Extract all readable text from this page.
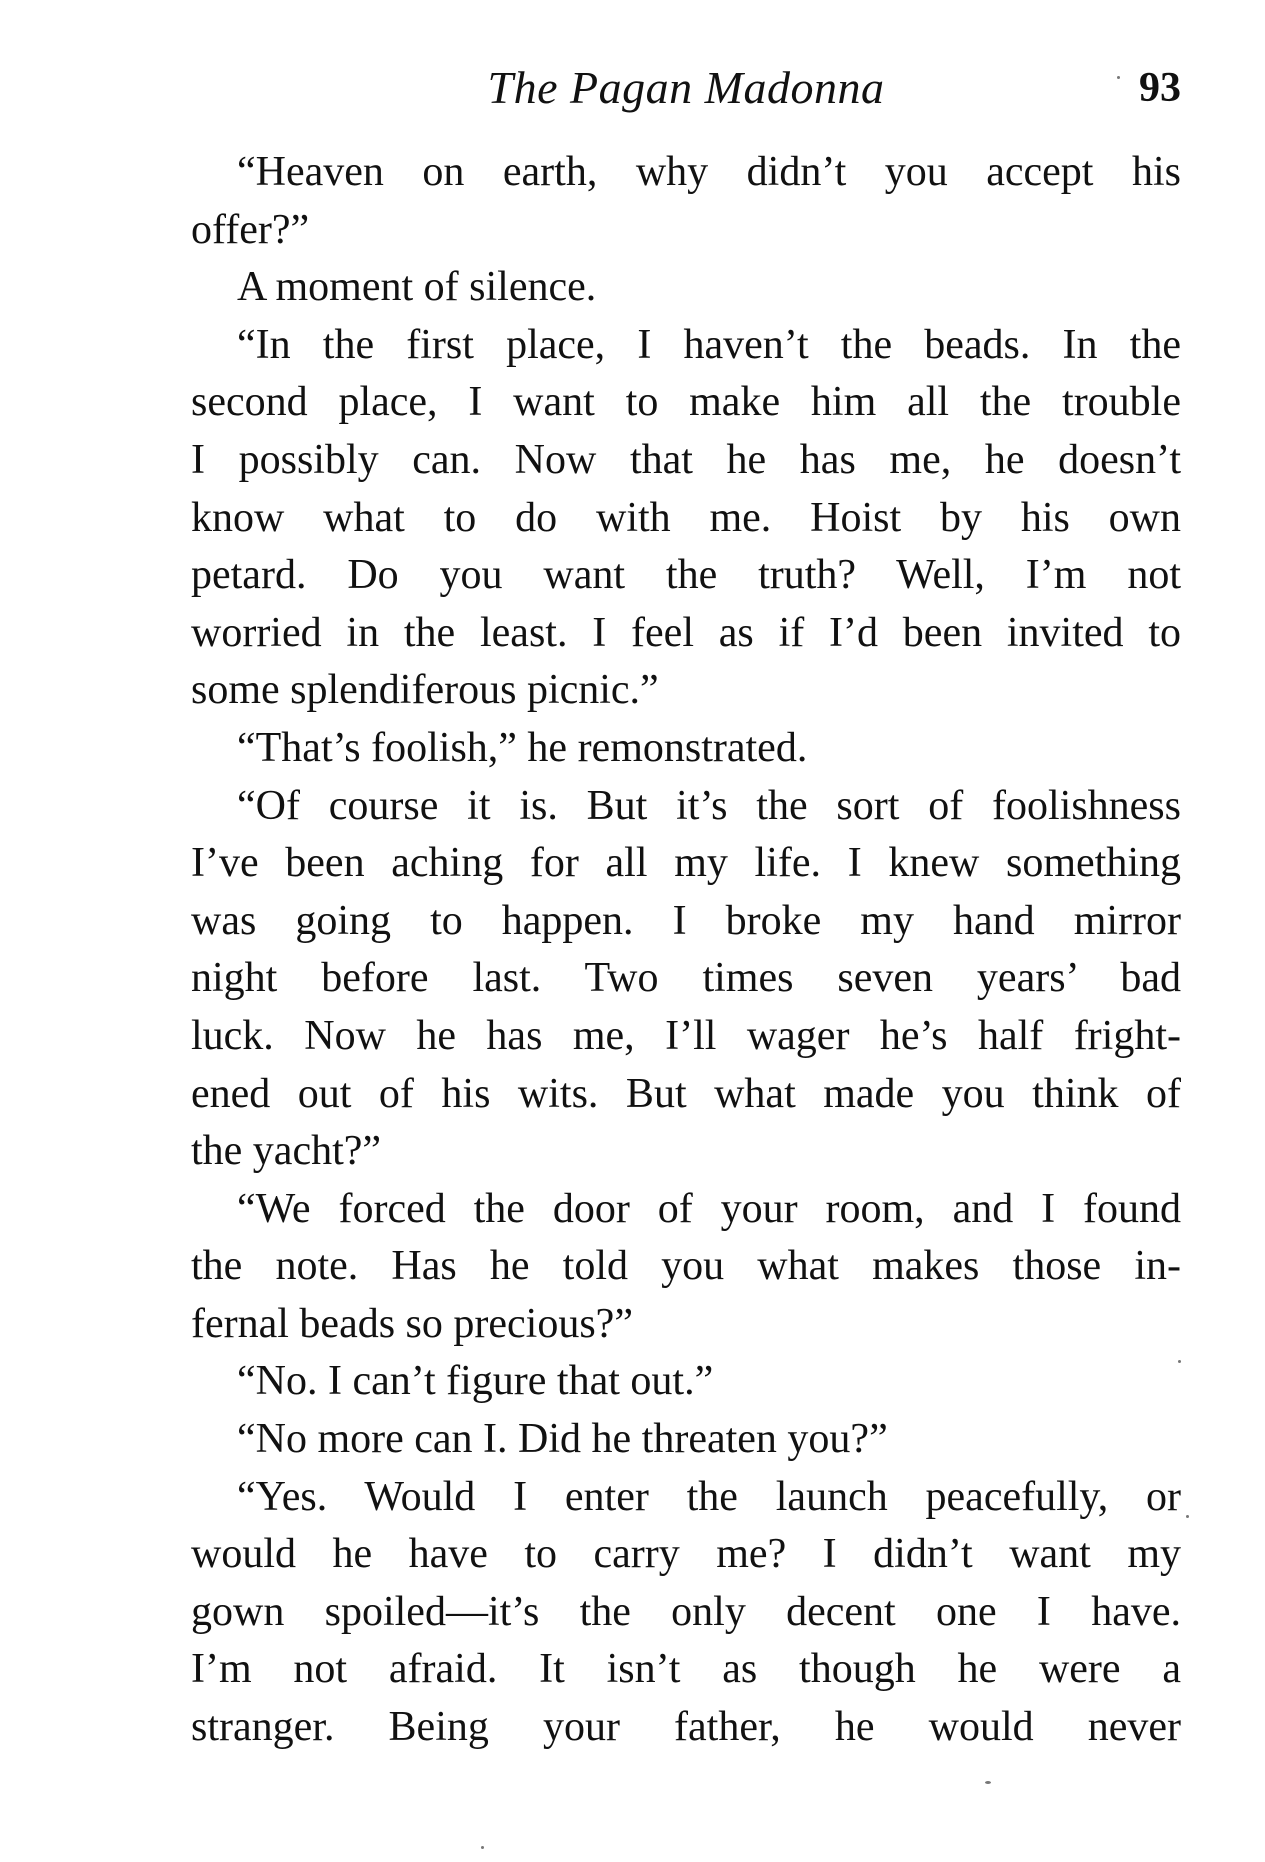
The Pagan Madonna	93
“Heaven on earth, why didn’t you accept his
offer?”
A moment of silence.
“In the first place, I haven’t the beads. In the
second place, I want to make him all the trouble
I possibly can. Now that he has me, he doesn’t
know what to do with me. Hoist by his own
petard. Do you want the truth? Well, I’m not
worried in the least. I feel as if I’d been invited to
some splendiferous picnic.”
“That’s foolish,” he remonstrated.
“Of course it is. But it’s the sort of foolishness
I’ve been aching for all my life. I knew something
was going to happen. I broke my hand mirror
night before last. Two times seven years’ bad
luck. Now he has me, I’ll wager he’s half fright-
ened out of his wits. But what made you think of
the yacht?”
“We forced the door of your room, and I found
the note. Has he told you what makes those in-
fernal beads so precious?”
“No. I can’t figure that out.”
“No more can I. Did he threaten you?”
“Yes. Would I enter the launch peacefully, or
would he have to carry me? I didn’t want my
gown spoiled—it’s the only decent one I have.
I’m not afraid. It isn’t as though he were a
stranger. Being your father, he would never
